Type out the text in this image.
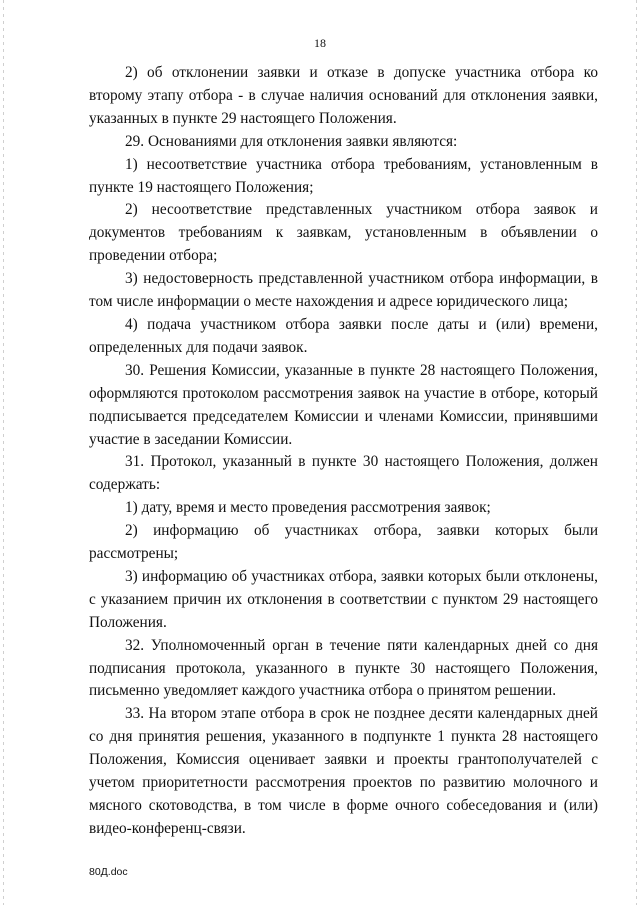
18

2) об отклонении заявки и отказе в допуске участника отбора ко второму этапу отбора - в случае наличия оснований для отклонения заявки, указанных в пункте 29 настоящего Положения.

29. Основаниями для отклонения заявки являются:

1) несоответствие участника отбора требованиям, установленным в пункте 19 настоящего Положения;

2) несоответствие представленных участником отбора заявок и документов требованиям к заявкам, установленным в объявлении о проведении отбора;

3) недостоверность представленной участником отбора информации, в том числе информации о месте нахождения и адресе юридического лица;

4) подача участником отбора заявки после даты и (или) времени, определенных для подачи заявок.

30. Решения Комиссии, указанные в пункте 28 настоящего Положения, оформляются протоколом рассмотрения заявок на участие в отборе, который подписывается председателем Комиссии и членами Комиссии, принявшими участие в заседании Комиссии.

31. Протокол, указанный в пункте 30 настоящего Положения, должен содержать:

1) дату, время и место проведения рассмотрения заявок;

2) информацию об участниках отбора, заявки которых были рассмотрены;

3) информацию об участниках отбора, заявки которых были отклонены, с указанием причин их отклонения в соответствии с пунктом 29 настоящего Положения.

32. Уполномоченный орган в течение пяти календарных дней со дня подписания протокола, указанного в пункте 30 настоящего Положения, письменно уведомляет каждого участника отбора о принятом решении.

33. На втором этапе отбора в срок не позднее десяти календарных дней со дня принятия решения, указанного в подпункте 1 пункта 28 настоящего Положения, Комиссия оценивает заявки и проекты грантополучателей с учетом приоритетности рассмотрения проектов по развитию молочного и мясного скотоводства, в том числе в форме очного собеседования и (или) видео-конференц-связи.

80Д.doc
